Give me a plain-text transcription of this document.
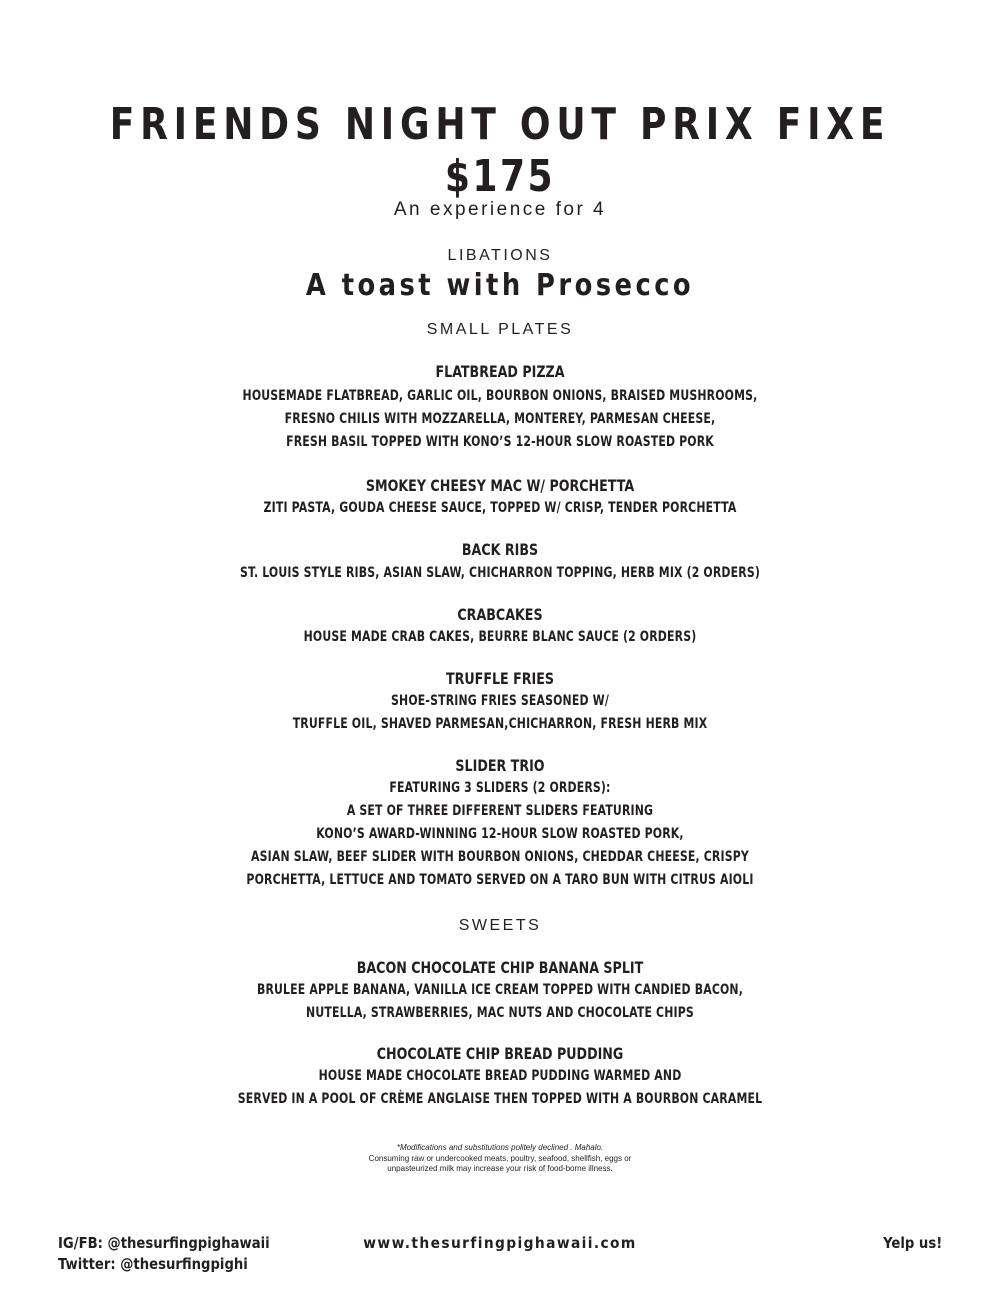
FRIENDS NIGHT OUT PRIX FIXE
$175
An experience for 4
LIBATIONS
A toast with Prosecco
SMALL PLATES
FLATBREAD PIZZA
HOUSEMADE FLATBREAD, GARLIC OIL, BOURBON ONIONS, BRAISED MUSHROOMS,
FRESNO CHILIS WITH MOZZARELLA, MONTEREY, PARMESAN CHEESE,
FRESH BASIL TOPPED WITH KONO’S 12-HOUR SLOW ROASTED PORK
SMOKEY CHEESY MAC W/ PORCHETTA
ZITI PASTA, GOUDA CHEESE SAUCE, TOPPED W/ CRISP, TENDER PORCHETTA
BACK RIBS
ST. LOUIS STYLE RIBS, ASIAN SLAW, CHICHARRON TOPPING, HERB MIX (2 ORDERS)
CRABCAKES
HOUSE MADE CRAB CAKES, BEURRE BLANC SAUCE (2 ORDERS)
TRUFFLE FRIES
SHOE-STRING FRIES SEASONED W/
TRUFFLE OIL, SHAVED PARMESAN,CHICHARRON, FRESH HERB MIX
SLIDER TRIO
FEATURING 3 SLIDERS (2 ORDERS):
A SET OF THREE DIFFERENT SLIDERS FEATURING
KONO’S AWARD-WINNING 12-HOUR SLOW ROASTED PORK,
ASIAN SLAW, BEEF SLIDER WITH BOURBON ONIONS, CHEDDAR CHEESE, CRISPY
PORCHETTA, LETTUCE AND TOMATO SERVED ON A TARO BUN WITH CITRUS AIOLI
SWEETS
BACON CHOCOLATE CHIP BANANA SPLIT
BRULEE APPLE BANANA, VANILLA ICE CREAM TOPPED WITH CANDIED BACON,
NUTELLA, STRAWBERRIES, MAC NUTS AND CHOCOLATE CHIPS
CHOCOLATE CHIP BREAD PUDDING
HOUSE MADE CHOCOLATE BREAD PUDDING WARMED AND
SERVED IN A POOL OF CRÈME ANGLAISE THEN TOPPED WITH A BOURBON CARAMEL
*Modifications and substitutions politely declined . Mahalo.
Consuming raw or undercooked meats, poultry, seafood, shellfish, eggs or
unpasteurized milk may increase your risk of food-borne illness.
IG/FB: @thesurfingpighawaii
Twitter: @thesurfingpighi
www.thesurfingpighawaii.com	Yelp us!
